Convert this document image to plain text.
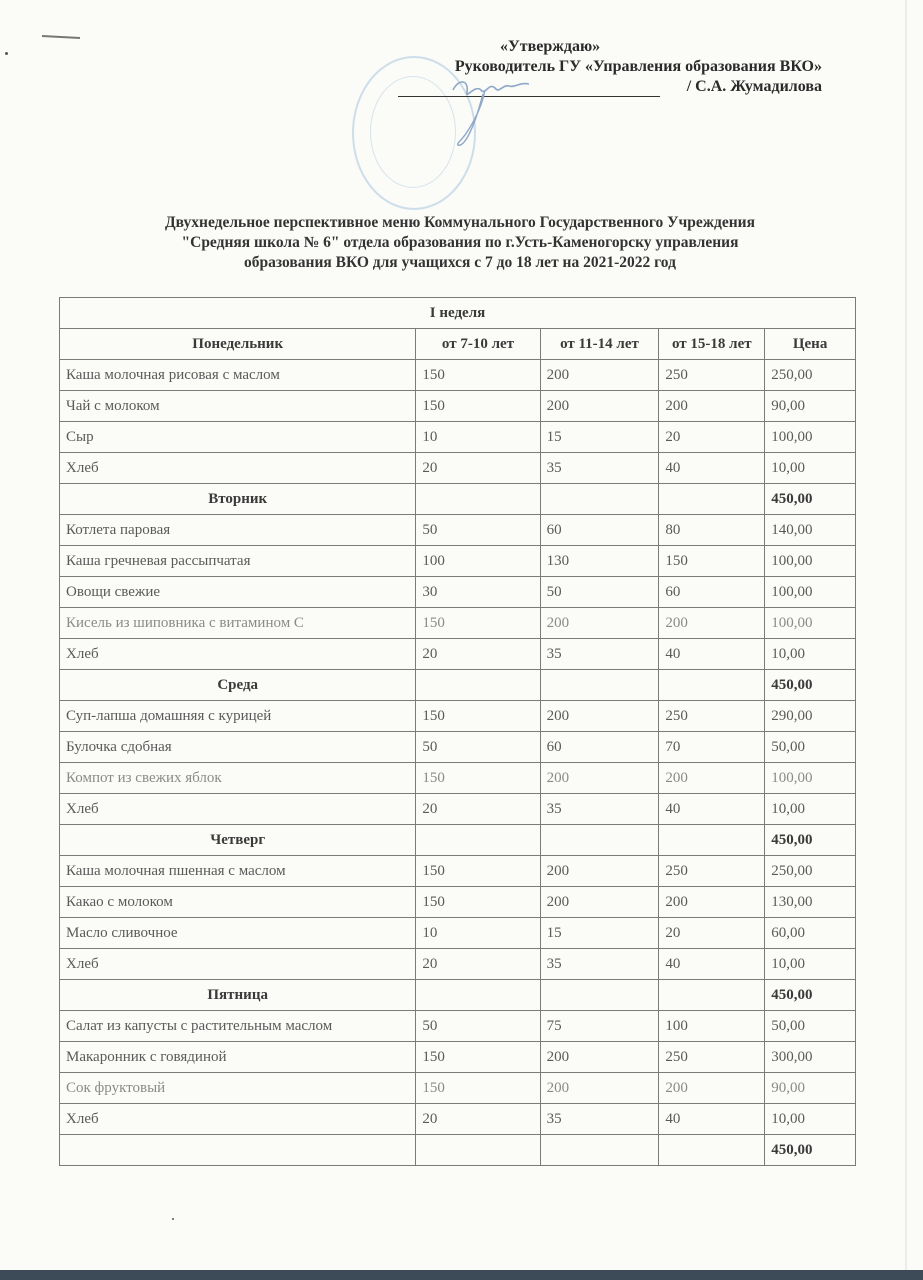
«Утверждаю»
Руководитель ГУ «Управления образования ВКО»
/ С.А. Жумадилова
Двухнедельное перспективное меню Коммунального Государственного Учреждения
"Средняя школа № 6" отдела образования по г.Усть-Каменогорску управления
образования ВКО для учащихся с 7 до 18 лет на 2021-2022 год
I неделя				
Понедельник	от 7-10 лет	от 11-14 лет	от 15-18 лет	Цена
Каша молочная рисовая с маслом	150	200	250	250,00
Чай с молоком	150	200	200	90,00
Сыр	10	15	20	100,00
Хлеб	20	35	40	10,00
Вторник				450,00
Котлета паровая	50	60	80	140,00
Каша гречневая рассыпчатая	100	130	150	100,00
Овощи свежие	30	50	60	100,00
Кисель из шиповника с витамином С	150	200	200	100,00
Хлеб	20	35	40	10,00
Среда				450,00
Суп-лапша домашняя с курицей	150	200	250	290,00
Булочка сдобная	50	60	70	50,00
Компот из свежих яблок	150	200	200	100,00
Хлеб	20	35	40	10,00
Четверг				450,00
Каша молочная пшенная с маслом	150	200	250	250,00
Какао с молоком	150	200	200	130,00
Масло сливочное	10	15	20	60,00
Хлеб	20	35	40	10,00
Пятница				450,00
Салат из капусты с растительным маслом	50	75	100	50,00
Макаронник с говядиной	150	200	250	300,00
Сок фруктовый	150	200	200	90,00
Хлеб	20	35	40	10,00
				450,00
